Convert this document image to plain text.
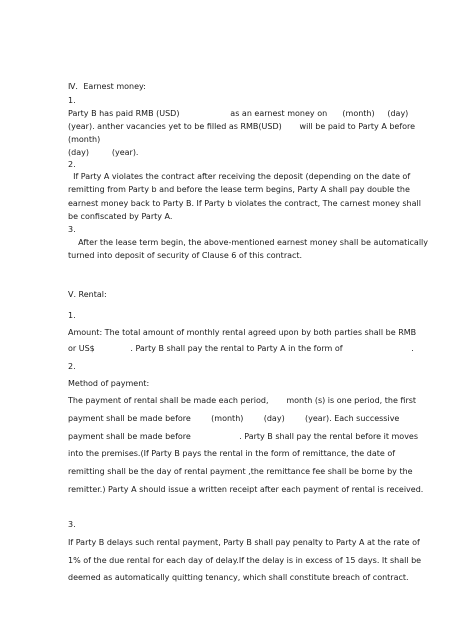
Ⅳ．Earnest money:
1.
Party B has paid RMB (USD)                    as an earnest money on      (month)     (day)
(year). anther vacancies yet to be filled as RMB(USD)       will be paid to Party A before
(month)
(day)         (year).
2.
If Party A violates the contract after receiving the deposit (depending on the date of
remitting from Party b and before the lease term begins, Party A shall pay double the
earnest money back to Party B. If Party b violates the contract, The carnest money shall
be confiscated by Party A.
3.
After the lease term begin, the above-mentioned earnest money shall be automatically
turned into deposit of security of Clause 6 of this contract.
Ⅴ. Rental:
1.
Amount: The total amount of monthly rental agreed upon by both parties shall be RMB
or US$              . Party B shall pay the rental to Party A in the form of                           .
2.
Method of payment:
The payment of rental shall be made each period,       month (s) is one period, the first
payment shall be made before        (month)        (day)        (year). Each successive
payment shall be made before                   . Party B shall pay the rental before it moves
into the premises.(If Party B pays the rental in the form of remittance, the date of
remitting shall be the day of rental payment ,the remittance fee shall be borne by the
remitter.) Party A should issue a written receipt after each payment of rental is received.
3.
If Party B delays such rental payment, Party B shall pay penalty to Party A at the rate of
1% of the due rental for each day of delay.If the delay is in excess of 15 days. It shall be
deemed as automatically quitting tenancy, which shall constitute breach of contract.
